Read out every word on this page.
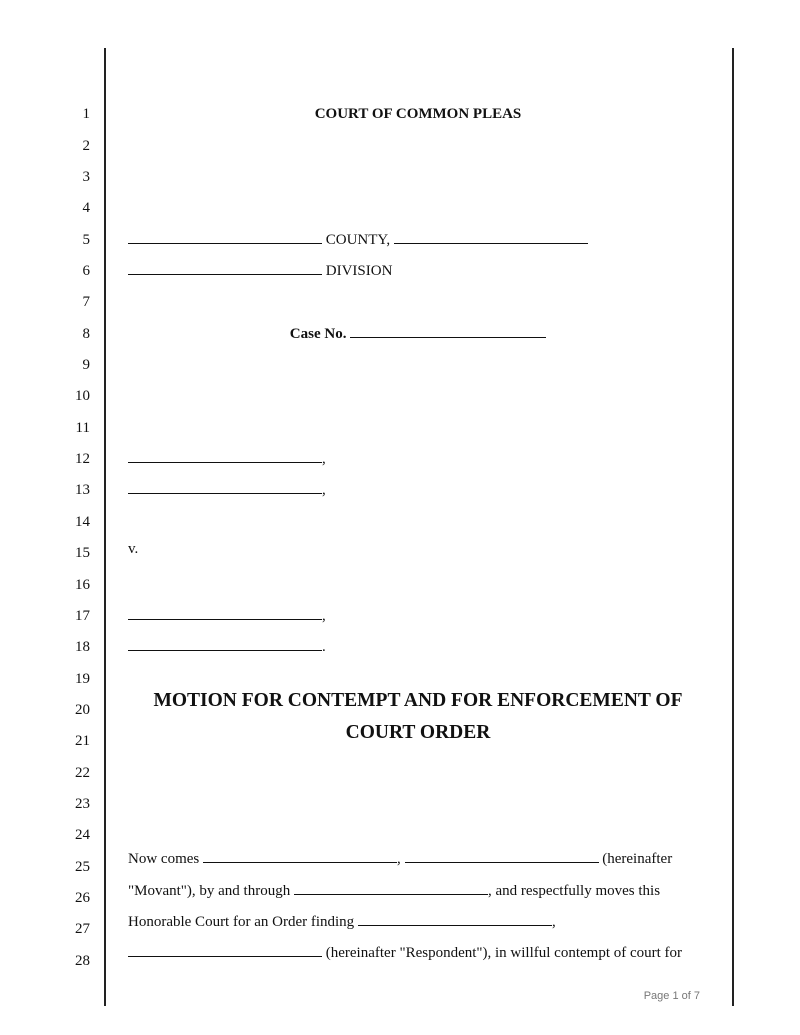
1
2
3
4
5
6
7
8
9
10
11
12
13
14
15
16
17
18
19
20
21
22
23
24
25
26
27
28
COURT OF COMMON PLEAS
COUNTY,
DIVISION
Case No.
,
,
v.
,
.
MOTION FOR CONTEMPT AND FOR ENFORCEMENT OF
COURT ORDER
Now comes	,	(hereinafter
"Movant"), by and through	, and respectfully moves this
Honorable Court for an Order finding	,
(hereinafter "Respondent"), in willful contempt of court for
Page 1 of 7
